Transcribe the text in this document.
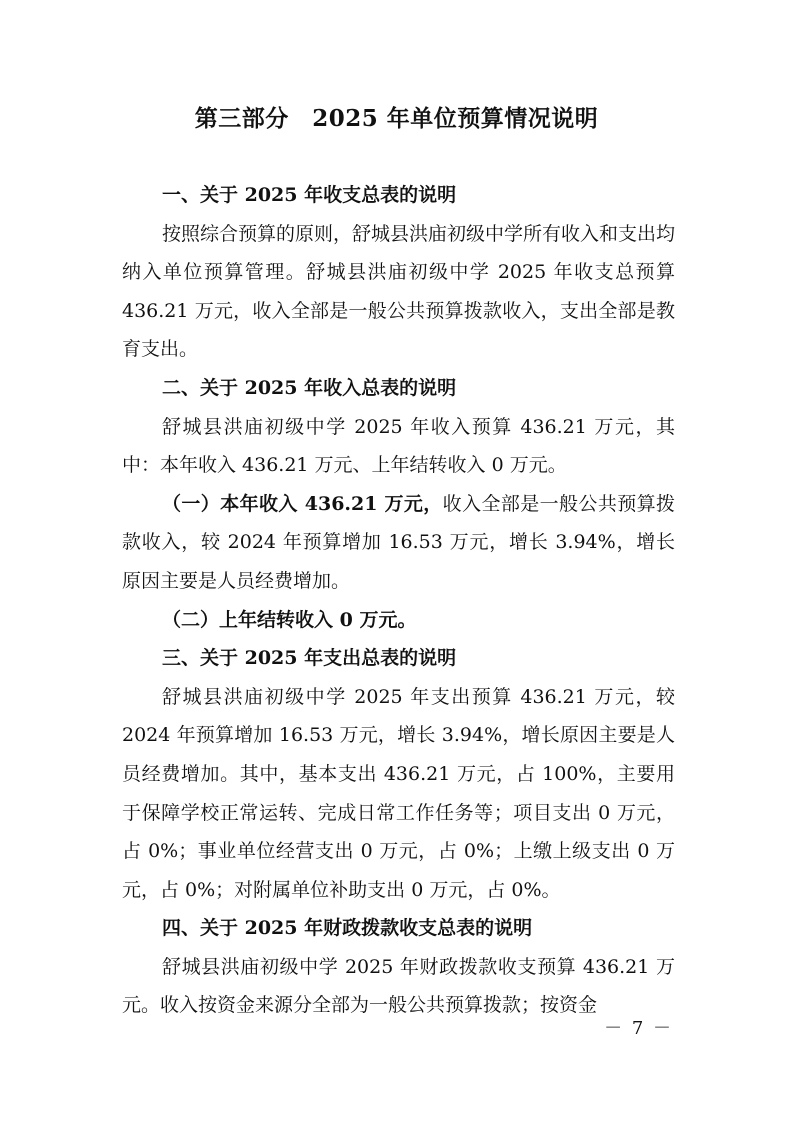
第三部分　2025 年单位预算情况说明

一、关于 2025 年收支总表的说明

按照综合预算的原则，舒城县洪庙初级中学所有收入和支出均纳入单位预算管理。舒城县洪庙初级中学 2025 年收支总预算 436.21 万元，收入全部是一般公共预算拨款收入，支出全部是教育支出。

二、关于 2025 年收入总表的说明

舒城县洪庙初级中学 2025 年收入预算 436.21 万元，其中：本年收入 436.21 万元、上年结转收入 0 万元。

（一）本年收入 436.21 万元，收入全部是一般公共预算拨款收入，较 2024 年预算增加 16.53 万元，增长 3.94%，增长原因主要是人员经费增加。

（二）上年结转收入 0 万元。

三、关于 2025 年支出总表的说明

舒城县洪庙初级中学 2025 年支出预算 436.21 万元，较 2024 年预算增加 16.53 万元，增长 3.94%，增长原因主要是人员经费增加。其中，基本支出 436.21 万元，占 100%，主要用于保障学校正常运转、完成日常工作任务等；项目支出 0 万元，占 0%；事业单位经营支出 0 万元，占 0%；上缴上级支出 0 万元，占 0%；对附属单位补助支出 0 万元，占 0%。

四、关于 2025 年财政拨款收支总表的说明

舒城县洪庙初级中学 2025 年财政拨款收支预算 436.21 万元。收入按资金来源分全部为一般公共预算拨款；按资金

－ 7 －
